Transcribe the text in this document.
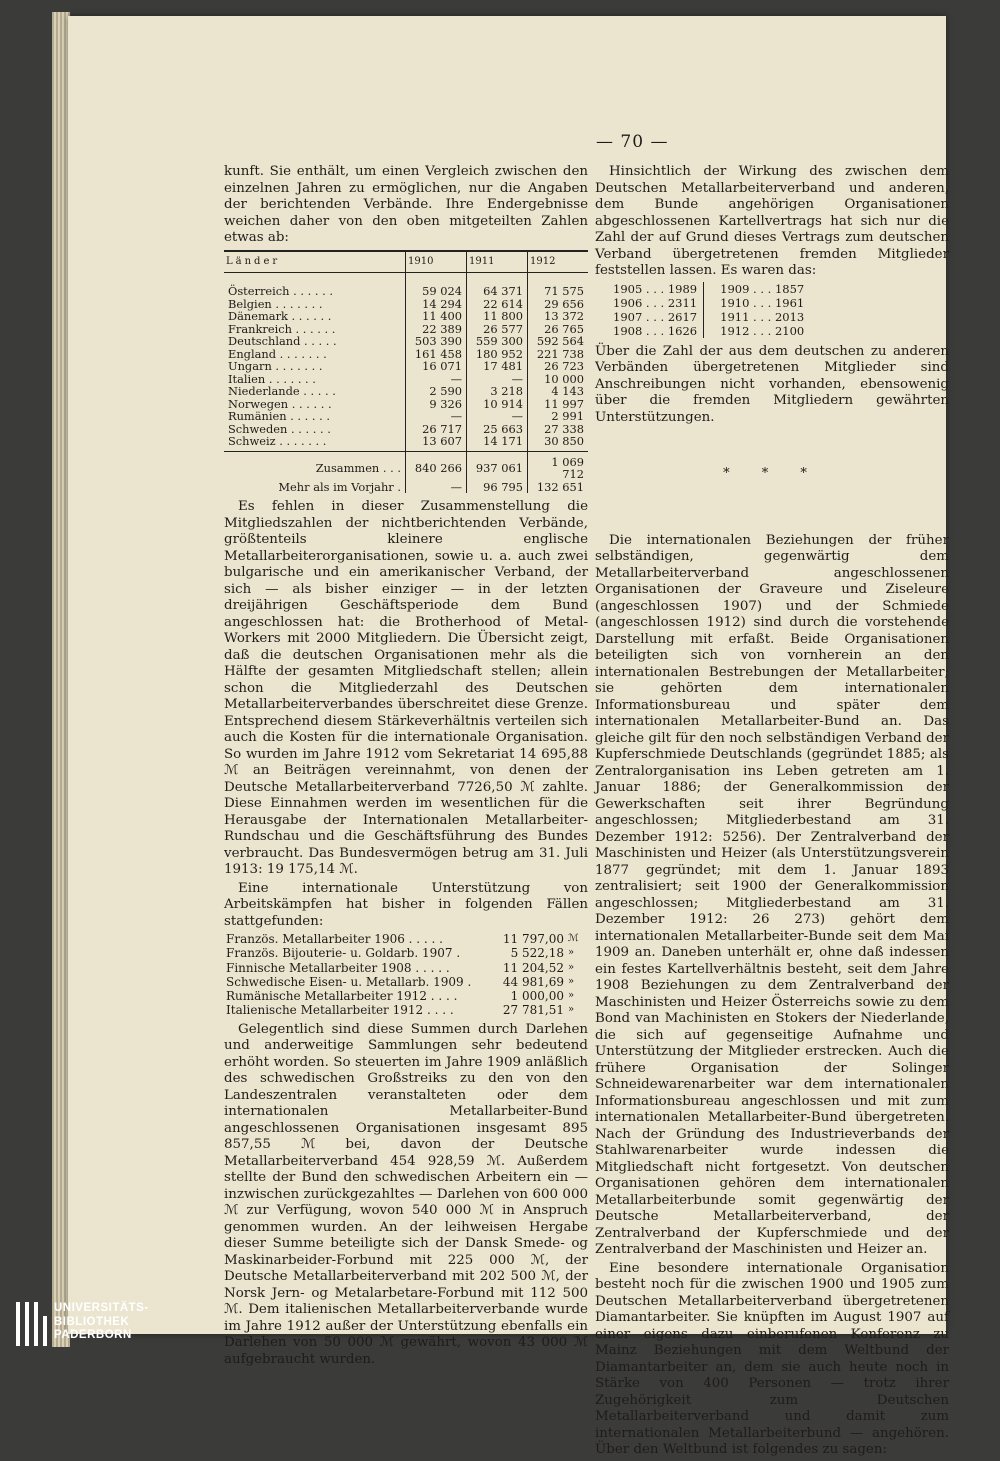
— 70 —

kunft. Sie enthält, um einen Vergleich zwischen den einzelnen Jahren zu ermöglichen, nur die Angaben der berichtenden Verbände. Ihre Endergebnisse weichen daher von den oben mitgeteilten Zahlen etwas ab:

Länder	1910	1911	1912
Österreich . . . . . .	59 024	64 371	71 575
Belgien . . . . . . .	14 294	22 614	29 656
Dänemark . . . . . .	11 400	11 800	13 372
Frankreich . . . . . .	22 389	26 577	26 765
Deutschland . . . . .	503 390	559 300	592 564
England . . . . . . .	161 458	180 952	221 738
Ungarn . . . . . . .	16 071	17 481	26 723
Italien . . . . . . .	—	—	10 000
Niederlande . . . . .	2 590	3 218	4 143
Norwegen . . . . . .	9 326	10 914	11 997
Rumänien . . . . . .	—	—	2 991
Schweden . . . . . .	26 717	25 663	27 338
Schweiz . . . . . . .	13 607	14 171	30 850
Zusammen . . .	840 266	937 061	1 069 712
Mehr als im Vorjahr .	—	96 795	132 651

Es fehlen in dieser Zusammenstellung die Mitgliedszahlen der nichtberichtenden Verbände, größtenteils kleinere englische Metallarbeiterorganisationen, sowie u. a. auch zwei bulgarische und ein amerikanischer Verband, der sich — als bisher einziger — in der letzten dreijährigen Geschäftsperiode dem Bund angeschlossen hat: die Brotherhood of Metal-Workers mit 2000 Mitgliedern. Die Übersicht zeigt, daß die deutschen Organisationen mehr als die Hälfte der gesamten Mitgliedschaft stellen; allein schon die Mitgliederzahl des Deutschen Metallarbeiterverbandes überschreitet diese Grenze. Entsprechend diesem Stärkeverhältnis verteilen sich auch die Kosten für die internationale Organisation. So wurden im Jahre 1912 vom Sekretariat 14 695,88 ℳ an Beiträgen vereinnahmt, von denen der Deutsche Metallarbeiterverband 7726,50 ℳ zahlte. Diese Einnahmen werden im wesentlichen für die Herausgabe der Internationalen Metallarbeiter-Rundschau und die Geschäftsführung des Bundes verbraucht. Das Bundesvermögen betrug am 31. Juli 1913: 19 175,14 ℳ.

Eine internationale Unterstützung von Arbeitskämpfen hat bisher in folgenden Fällen stattgefunden:

Französ. Metallarbeiter 1906 . . . . .	11 797,00	ℳ
Französ. Bijouterie- u. Goldarb. 1907 .	5 522,18	»
Finnische Metallarbeiter 1908 . . . . .	11 204,52	»
Schwedische Eisen- u. Metallarb. 1909 .	44 981,69	»
Rumänische Metallarbeiter 1912 . . . .	1 000,00	»
Italienische Metallarbeiter 1912 . . . .	27 781,51	»

Gelegentlich sind diese Summen durch Darlehen und anderweitige Sammlungen sehr bedeutend erhöht worden. So steuerten im Jahre 1909 anläßlich des schwedischen Großstreiks zu den von den Landeszentralen veranstalteten oder dem internationalen Metallarbeiter-Bund angeschlossenen Organisationen insgesamt 895 857,55 ℳ bei, davon der Deutsche Metallarbeiterverband 454 928,59 ℳ. Außerdem stellte der Bund den schwedischen Arbeitern ein — inzwischen zurückgezahltes — Darlehen von 600 000 ℳ zur Verfügung, wovon 540 000 ℳ in Anspruch genommen wurden. An der leihweisen Hergabe dieser Summe beteiligte sich der Dansk Smede- og Maskinarbeider-Forbund mit 225 000 ℳ, der Deutsche Metallarbeiterverband mit 202 500 ℳ, der Norsk Jern- og Metalarbetare-Forbund mit 112 500 ℳ. Dem italienischen Metallarbeiterverbande wurde im Jahre 1912 außer der Unterstützung ebenfalls ein Darlehen von 50 000 ℳ gewährt, wovon 43 000 ℳ aufgebraucht wurden.

Hinsichtlich der Wirkung des zwischen dem Deutschen Metallarbeiterverband und anderen, dem Bunde angehörigen Organisationen abgeschlossenen Kartellvertrags hat sich nur die Zahl der auf Grund dieses Vertrags zum deutschen Verband übergetretenen fremden Mitglieder feststellen lassen. Es waren das:

1905 . . . 1989		1909 . . . 1857
1906 . . . 2311		1910 . . . 1961
1907 . . . 2617		1911 . . . 2013
1908 . . . 1626		1912 . . . 2100

Über die Zahl der aus dem deutschen zu anderen Verbänden übergetretenen Mitglieder sind Anschreibungen nicht vorhanden, ebensowenig über die fremden Mitgliedern gewährten Unterstützungen.

* * *

Die internationalen Beziehungen der früher selbständigen, gegenwärtig dem Metallarbeiterverband angeschlossenen Organisationen der Graveure und Ziseleure (angeschlossen 1907) und der Schmiede (angeschlossen 1912) sind durch die vorstehende Darstellung mit erfaßt. Beide Organisationen beteiligten sich von vornherein an den internationalen Bestrebungen der Metallarbeiter; sie gehörten dem internationalen Informationsbureau und später dem internationalen Metallarbeiter-Bund an. Das gleiche gilt für den noch selbständigen Verband der Kupferschmiede Deutschlands (gegründet 1885; als Zentralorganisation ins Leben getreten am 1. Januar 1886; der Generalkommission der Gewerkschaften seit ihrer Begründung angeschlossen; Mitgliederbestand am 31. Dezember 1912: 5256). Der Zentralverband der Maschinisten und Heizer (als Unterstützungsverein 1877 gegründet; mit dem 1. Januar 1893 zentralisiert; seit 1900 der Generalkommission angeschlossen; Mitgliederbestand am 31. Dezember 1912: 26 273) gehört dem internationalen Metallarbeiter-Bunde seit dem Mai 1909 an. Daneben unterhält er, ohne daß indessen ein festes Kartellverhältnis besteht, seit dem Jahre 1908 Beziehungen zu dem Zentralverband der Maschinisten und Heizer Österreichs sowie zu dem Bond van Machinisten en Stokers der Niederlande, die sich auf gegenseitige Aufnahme und Unterstützung der Mitglieder erstrecken. Auch die frühere Organisation der Solinger Schneidewarenarbeiter war dem internationalen Informationsbureau angeschlossen und mit zum internationalen Metallarbeiter-Bund übergetreten. Nach der Gründung des Industrieverbands der Stahlwarenarbeiter wurde indessen die Mitgliedschaft nicht fortgesetzt. Von deutschen Organisationen gehören dem internationalen Metallarbeiterbunde somit gegenwärtig der Deutsche Metallarbeiterverband, der Zentralverband der Kupferschmiede und der Zentralverband der Maschinisten und Heizer an.

Eine besondere internationale Organisation besteht noch für die zwischen 1900 und 1905 zum Deutschen Metallarbeiterverband übergetretenen Diamantarbeiter. Sie knüpften im August 1907 auf einer eigens dazu einberufenen Konferenz zu Mainz Beziehungen mit dem Weltbund der Diamantarbeiter an, dem sie auch heute noch in Stärke von 400 Personen — trotz ihrer Zugehörigkeit zum Deutschen Metallarbeiterverband und damit zum internationalen Metallarbeiterbund — angehören. Über den Weltbund ist folgendes zu sagen:

UNIVERSITÄTS-
BIBLIOTHEK
PADERBORN
